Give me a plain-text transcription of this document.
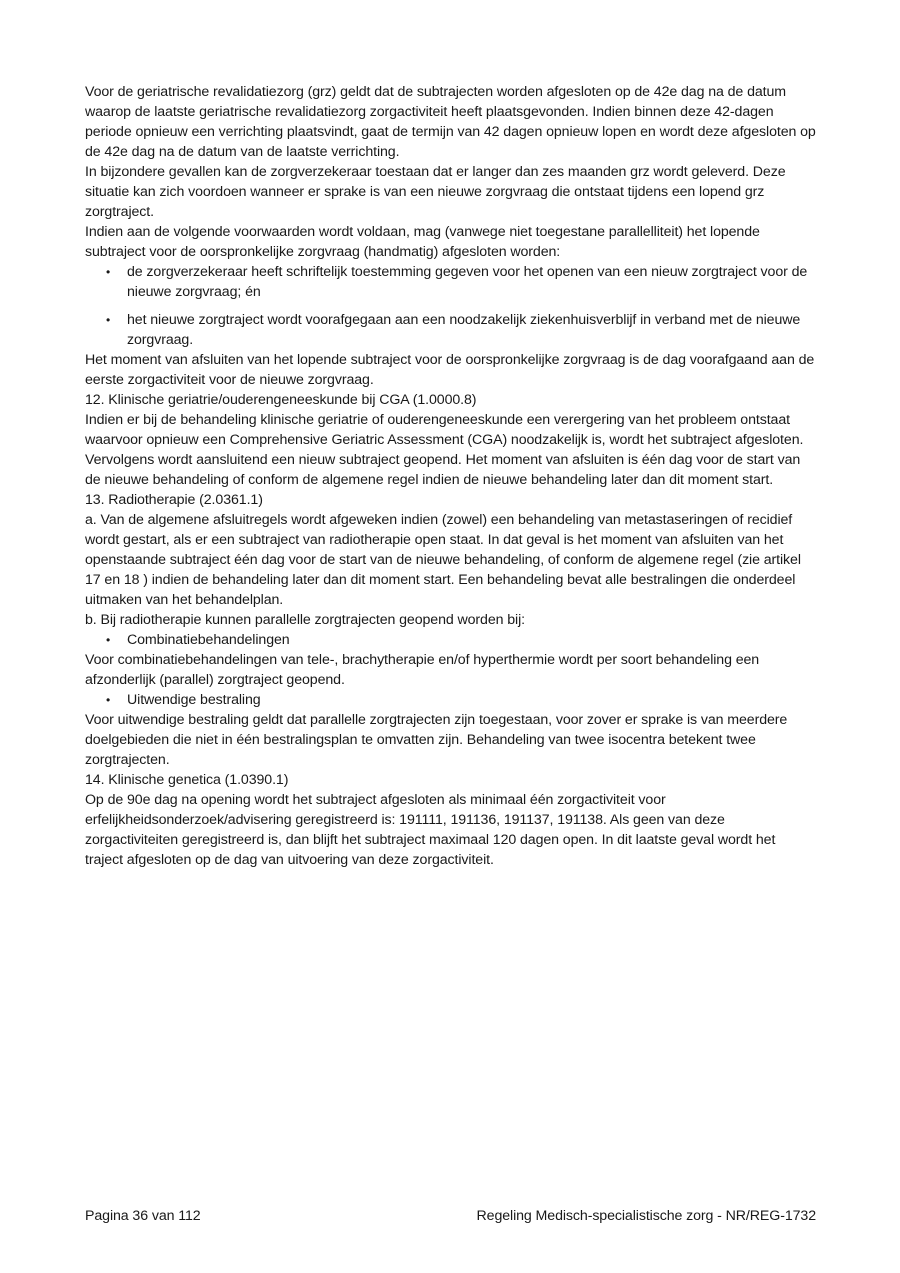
Voor de geriatrische revalidatiezorg (grz) geldt dat de subtrajecten worden afgesloten op de 42e dag na de datum waarop de laatste geriatrische revalidatiezorg zorgactiviteit heeft plaatsgevonden. Indien binnen deze 42-dagen periode opnieuw een verrichting plaatsvindt, gaat de termijn van 42 dagen opnieuw lopen en wordt deze afgesloten op de 42e dag na de datum van de laatste verrichting.

In bijzondere gevallen kan de zorgverzekeraar toestaan dat er langer dan zes maanden grz wordt geleverd. Deze situatie kan zich voordoen wanneer er sprake is van een nieuwe zorgvraag die ontstaat tijdens een lopend grz zorgtraject.

Indien aan de volgende voorwaarden wordt voldaan, mag (vanwege niet toegestane parallelliteit) het lopende subtraject voor de oorspronkelijke zorgvraag (handmatig) afgesloten worden:

• de zorgverzekeraar heeft schriftelijk toestemming gegeven voor het openen van een nieuw zorgtraject voor de nieuwe zorgvraag; én
• het nieuwe zorgtraject wordt voorafgegaan aan een noodzakelijk ziekenhuisverblijf in verband met de nieuwe zorgvraag.

Het moment van afsluiten van het lopende subtraject voor de oorspronkelijke zorgvraag is de dag voorafgaand aan de eerste zorgactiviteit voor de nieuwe zorgvraag.

12. Klinische geriatrie/ouderengeneeskunde bij CGA (1.0000.8)

Indien er bij de behandeling klinische geriatrie of ouderengeneeskunde een verergering van het probleem ontstaat waarvoor opnieuw een Comprehensive Geriatric Assessment (CGA) noodzakelijk is, wordt het subtraject afgesloten. Vervolgens wordt aansluitend een nieuw subtraject geopend. Het moment van afsluiten is één dag voor de start van de nieuwe behandeling of conform de algemene regel indien de nieuwe behandeling later dan dit moment start.

13. Radiotherapie (2.0361.1)

a. Van de algemene afsluitregels wordt afgeweken indien (zowel) een behandeling van metastaseringen of recidief wordt gestart, als er een subtraject van radiotherapie open staat. In dat geval is het moment van afsluiten van het openstaande subtraject één dag voor de start van de nieuwe behandeling, of conform de algemene regel (zie artikel 17 en 18 ) indien de behandeling later dan dit moment start. Een behandeling bevat alle bestralingen die onderdeel uitmaken van het behandelplan.

b. Bij radiotherapie kunnen parallelle zorgtrajecten geopend worden bij:

• Combinatiebehandelingen

Voor combinatiebehandelingen van tele-, brachytherapie en/of hyperthermie wordt per soort behandeling een afzonderlijk (parallel) zorgtraject geopend.

• Uitwendige bestraling

Voor uitwendige bestraling geldt dat parallelle zorgtrajecten zijn toegestaan, voor zover er sprake is van meerdere doelgebieden die niet in één bestralingsplan te omvatten zijn. Behandeling van twee isocentra betekent twee zorgtrajecten.

14. Klinische genetica (1.0390.1)

Op de 90e dag na opening wordt het subtraject afgesloten als minimaal één zorgactiviteit voor erfelijkheidsonderzoek/advisering geregistreerd is: 191111, 191136, 191137, 191138. Als geen van deze zorgactiviteiten geregistreerd is, dan blijft het subtraject maximaal 120 dagen open. In dit laatste geval wordt het traject afgesloten op de dag van uitvoering van deze zorgactiviteit.

Pagina 36 van 112	Regeling Medisch-specialistische zorg - NR/REG-1732
